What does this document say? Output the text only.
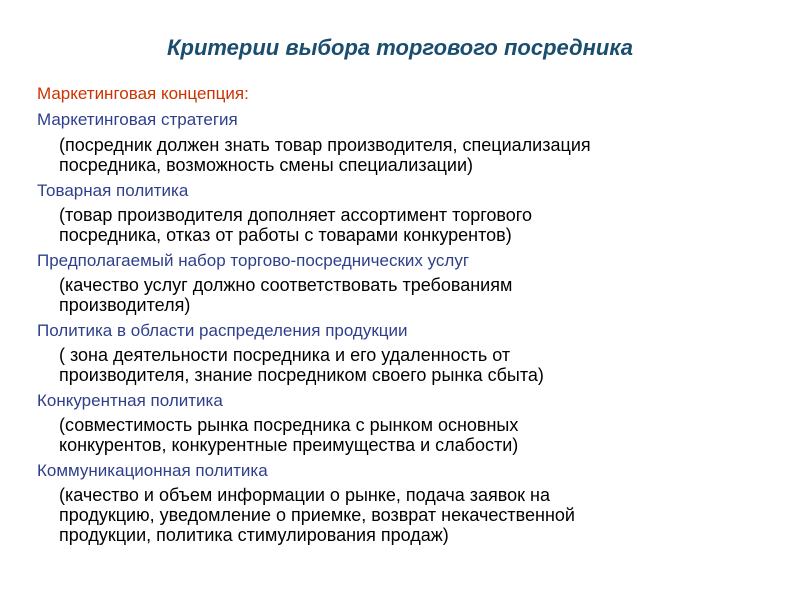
Критерии выбора торгового посредника
Маркетинговая концепция:
Маркетинговая стратегия
(посредник должен знать товар производителя, специализация
посредника, возможность смены специализации)
Товарная политика
(товар производителя дополняет ассортимент торгового
посредника, отказ от работы с товарами конкурентов)
Предполагаемый набор торгово-посреднических услуг
(качество услуг должно соответствовать требованиям
производителя)
Политика в области распределения продукции
( зона деятельности посредника и его удаленность от
производителя, знание посредником своего рынка сбыта)
Конкурентная политика
(совместимость рынка посредника с рынком основных
конкурентов, конкурентные преимущества и слабости)
Коммуникационная политика
(качество и объем информации о рынке, подача заявок на
продукцию, уведомление о приемке, возврат некачественной
продукции, политика стимулирования продаж)
